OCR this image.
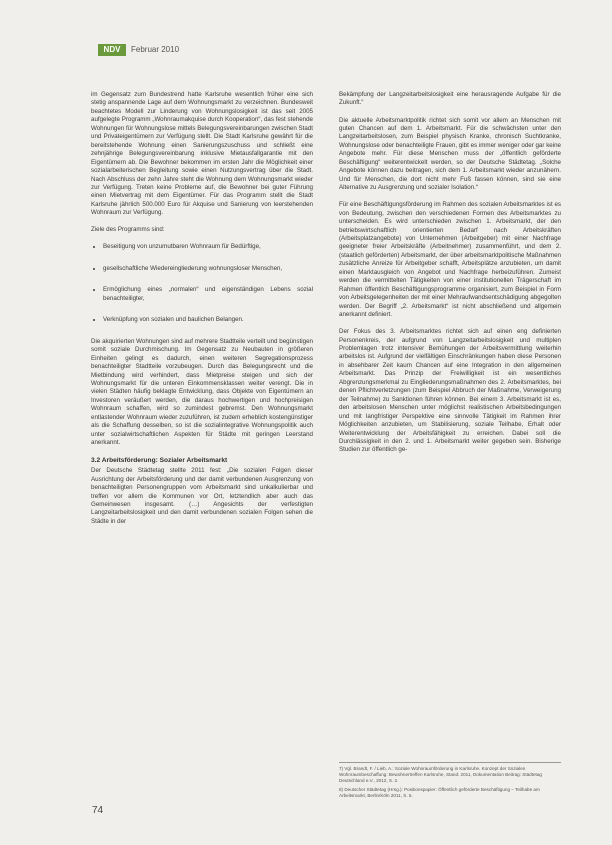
NDV	Februar 2010

im Gegensatz zum Bundestrend hatte Karlsruhe wesentlich früher eine sich stetig anspannende Lage auf dem Wohnungsmarkt zu verzeichnen. Bundesweit beachtetes Modell zur Linderung von Wohnungslosigkeit ist das seit 2005 aufgelegte Programm „Wohnraumakquise durch Kooperation“, das fest stehende Wohnungen für Wohnungslose mittels Belegungsvereinbarungen zwischen Stadt und Privateigentümern zur Verfügung stellt. Die Stadt Karlsruhe gewährt für die bereitstehende Wohnung einen Sanierungszuschuss und schließt eine zehnjährige Belegungsvereinbarung inklusive Mietausfallgarantie mit den Eigentümern ab. Die Bewohner bekommen im ersten Jahr die Möglichkeit einer sozialarbeiterischen Begleitung sowie einen Nutzungsvertrag über die Stadt. Nach Abschluss der zehn Jahre steht die Wohnung dem Wohnungsmarkt wieder zur Verfügung. Treten keine Probleme auf, die Bewohner bei guter Führung einen Mietvertrag mit dem Eigentümer. Für das Programm stellt die Stadt Karlsruhe jährlich 500.000 Euro für Akquise und Sanierung von leerstehenden Wohnraum zur Verfügung.

Ziele des Programms sind:

• Beseitigung von unzumutbaren Wohnraum für Bedürftige,
• gesellschaftliche Wiedereingliederung wohnungsloser Menschen,
• Ermöglichung eines „normalen“ und eigenständigen Lebens sozial benachteiligter,
• Verknüpfung von sozialen und baulichen Belangen.

Die akquirierten Wohnungen sind auf mehrere Stadtteile verteilt und begünstigen somit soziale Durchmischung. Im Gegensatz zu Neubauten in größeren Einheiten gelingt es dadurch, einen weiteren Segregationsprozess benachteiligter Stadtteile vorzubeugen. Durch das Belegungsrecht und die Mietbindung wird verhindert, dass Mietpreise steigen und sich der Wohnungsmarkt für die unteren Einkommensklassen weiter verengt. Die in vielen Städten häufig beklagte Entwicklung, dass Objekte von Eigentümern an Investoren veräußert werden, die daraus hochwertigen und hochpreisigen Wohnraum schaffen, wird so zumindest gebremst. Den Wohnungsmarkt entlastender Wohnraum wieder zuzuführen, ist zudem erheblich kostengünstiger als die Schaffung desselben, so ist die sozialintegrative Wohnungspolitik auch unter sozialwirtschaftlichen Aspekten für Städte mit geringen Leerstand anerkannt.

3.2 Arbeitsförderung: Sozialer Arbeitsmarkt

Der Deutsche Städtetag stellte 2011 fest: „Die sozialen Folgen dieser Ausrichtung der Arbeitsförderung und der damit verbundenen Ausgrenzung von benachteiligten Personengruppen vom Arbeitsmarkt sind unkalkulierbar und treffen vor allem die Kommunen vor Ort, letztendlich aber auch das Gemeinwesen insgesamt. (…) Angesichts der verfestigten Langzeitarbeitslosigkeit und den damit verbundenen sozialen Folgen sehen die Städte in der

Bekämpfung der Langzeitarbeitslosigkeit eine herausragende Aufgabe für die Zukunft.“

Die aktuelle Arbeitsmarktpolitik richtet sich somit vor allem an Menschen mit guten Chancen auf dem 1. Arbeitsmarkt. Für die schwächsten unter den Langzeitarbeitslosen, zum Beispiel physisch Kranke, chronisch Suchtkranke, Wohnungslose oder benachteiligte Frauen, gibt es immer weniger oder gar keine Angebote mehr. Für diese Menschen muss der „öffentlich geförderte Beschäftigung“ weiterentwickelt werden, so der Deutsche Städtetag. „Solche Angebote können dazu beitragen, sich dem 1. Arbeitsmarkt wieder anzunähern. Und für Menschen, die dort nicht mehr Fuß fassen können, sind sie eine Alternative zu Ausgrenzung und sozialer Isolation.“

Für eine Beschäftigungsförderung im Rahmen des sozialen Arbeitsmarktes ist es von Bedeutung, zwischen den verschiedenen Formen des Arbeitsmarktes zu unterscheiden. Es wird unterschieden zwischen 1. Arbeitsmarkt, der den betriebswirtschaftlich orientierten Bedarf nach Arbeitskräften (Arbeitsplatzangebote) von Unternehmen (Arbeitgeber) mit einer Nachfrage geeigneter freier Arbeitskräfte (Arbeitnehmer) zusammenführt, und dem 2. (staatlich geförderten) Arbeitsmarkt, der über arbeitsmarktpolitische Maßnahmen zusätzliche Anreize für Arbeitgeber schafft, Arbeitsplätze anzubieten, um damit einen Marktausgleich von Angebot und Nachfrage herbeizuführen. Zumeist werden die vermittelten Tätigkeiten von einer institutionellen Trägerschaft im Rahmen öffentlich Beschäftigungsprogramme organisiert, zum Beispiel in Form von Arbeitsgelegenheiten der mit einer Mehraufwandsentschädigung abgegolten werden. Der Begriff „2. Arbeitsmarkt“ ist nicht abschließend und allgemein anerkannt definiert.

Der Fokus des 3. Arbeitsmarktes richtet sich auf einen eng definierten Personenkreis, der aufgrund von Langzeitarbeitslosigkeit und multiplen Problemlagen trotz intensiver Bemühungen der Arbeitsvermittlung weiterhin arbeitslos ist. Aufgrund der vielfältigen Einschränkungen haben diese Personen in absehbarer Zeit kaum Chancen auf eine Integration in den allgemeinen Arbeitsmarkt. Das Prinzip der Freiwilligkeit ist ein wesentliches Abgrenzungsmerkmal zu Eingliederungsmaßnahmen des 2. Arbeitsmarktes, bei denen Pflichtverletzungen (zum Beispiel Abbruch der Maßnahme, Verweigerung der Teilnahme) zu Sanktionen führen können. Bei einem 3. Arbeitsmarkt ist es, den arbeitslosen Menschen unter möglichst realistischen Arbeitsbedingungen und mit langfristiger Perspektive eine sinnvolle Tätigkeit im Rahmen ihrer Möglichkeiten anzubieten, um Stabilisierung, soziale Teilhabe, Erhalt oder Weiterentwicklung der Arbeitsfähigkeit zu erreichen. Dabei soll die Durchlässigkeit in den 2. und 1. Arbeitsmarkt weiter gegeben sein. Bisherige Studien zur öffentlich ge-

7) Vgl. Brandt, F. / Lieb, A.: Soziale Wohnraumförderung in Karlsruhe. Konzept der Sozialen Wohnraumbeschaffung: Bewohnertreffen Karlsruhe, Stand: 2011, Dokumentation Beitrag: Städtetag Deutschland e.V., 2012, S. 2.

8) Deutscher Städtetag (Hrsg.): Positionspapier: Öffentlich geförderte Beschäftigung – Teilhabe am Arbeitsmarkt, Berlin/Köln 2011, S. 5.

74
